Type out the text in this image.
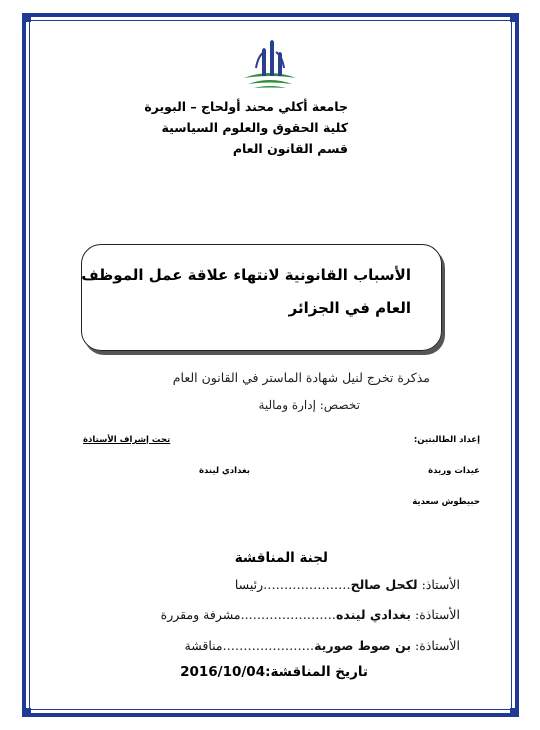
جامعة أكلي محند أولحاج – البويرة
كلية الحقوق والعلوم السياسية
قسم القانون العام
الأسباب القانونية لانتهاء علاقة عمل الموظف
العام في الجزائر
مذكرة تخرج لنيل شهادة الماستر في القانون العام
تخصص: إدارة ومالية
إعداد الطالبتين:
تحت إشراف الأستاذة
عيدات وريدة
بغدادي ليندة
حبيطوش سعدية
لجنة المناقشة
الأستاذ: لكحل صالح…………………رئيسا
الأستاذة: بغدادي لينده…………………..مشرفة ومقررة
الأستاذة: بن صوط صورية………………….مناقشة
تاريخ المناقشة:2016/10/04
